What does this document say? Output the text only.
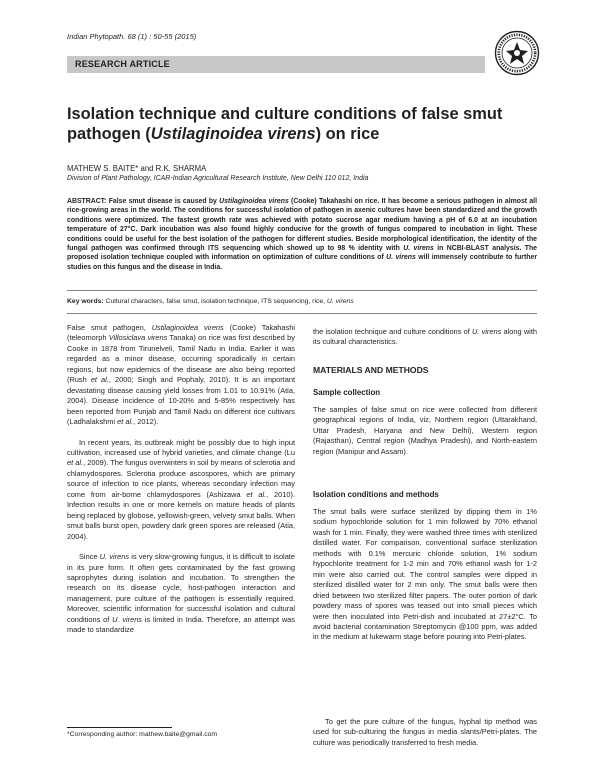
Indian Phytopath. 68 (1) : 50-55 (2015)
RESEARCH ARTICLE
Isolation technique and culture conditions of false smut
pathogen (Ustilaginoidea virens) on rice
MATHEW S. BAITE* and R.K. SHARMA
Division of Plant Pathology, ICAR-Indian Agricultural Research Institute, New Delhi 110 012, India
ABSTRACT: False smut disease is caused by Ustilaginoidea virens (Cooke) Takahashi on rice. It has become a serious pathogen in almost all rice-growing areas in the world. The conditions for successful isolation of pathogen in axenic cultures have been standardized and the growth conditions were optimized. The fastest growth rate was achieved with potato sucrose agar medium having a pH of 6.0 at an incubation temperature of 27°C. Dark incubation was also found highly conducive for the growth of fungus compared to incubation in light. These conditions could be useful for the best isolation of the pathogen for different studies. Beside morphological identification, the identity of the fungal pathogen was confirmed through ITS sequencing which showed up to 98 % identity with U. virens in NCBI-BLAST analysis. The proposed isolation technique coupled with information on optimization of culture conditions of U. virens will immensely contribute to further studies on this fungus and the disease in India.
Key words: Cultural characters, false smut, isolation technique, ITS sequencing, rice, U. virens

False smut pathogen, Ustilaginoidea virens (Cooke) Takahashi (teleomorph Villosiclava virens Tanaka) on rice was first described by Cooke in 1878 from Tirunelveli, Tamil Nadu in India. Earlier it was regarded as a minor disease, occurring sporadically in certain regions, but now epidemics of the disease are also being reported (Rush et al., 2000; Singh and Pophaly, 2010). It is an important devastating disease causing yield losses from 1.01 to 10.91% (Atia, 2004). Disease incidence of 10-20% and 5-85% respectively has been reported from Punjab and Tamil Nadu on different rice cultivars (Ladhalakshmi et al., 2012).

In recent years, its outbreak might be possibly due to high input cultivation, increased use of hybrid varieties, and climate change (Lu et al., 2009). The fungus overwinters in soil by means of sclerotia and chlamydospores. Sclerotia produce ascospores, which are primary source of infection to rice plants, whereas secondary infection may come from air-borne chlamydospores (Ashizawa et al., 2010). Infection results in one or more kernels on mature heads of plants being replaced by globose, yellowish-green, velvety smut balls. When smut balls burst open, powdery dark green spores are released (Atia, 2004).

Since U. virens is very slow-growing fungus, it is difficult to isolate in its pure form. It often gets contaminated by the fast growing saprophytes during isolation and incubation. To strengthen the research on its disease cycle, host-pathogen interaction and management, pure culture of the pathogen is essentially required. Moreover, scientific information for successful isolation and cultural conditions of U. virens is limited in India. Therefore, an attempt was made to standardize

the isolation technique and culture conditions of U. virens along with its cultural characteristics.

MATERIALS AND METHODS
Sample collection
The samples of false smut on rice were collected from different geographical regions of India, viz, Northern region (Uttarakhand, Uttar Pradesh, Haryana and New Delhi), Western region (Rajasthan), Central region (Madhya Pradesh), and North-eastern region (Manipur and Assam).
Isolation conditions and methods
The smut balls were surface sterilized by dipping them in 1% sodium hypochloride solution for 1 min followed by 70% ethanol wash for 1 min. Finally, they were washed three times with sterilized distilled water. For comparison, conventional surface sterilization methods with 0.1% mercuric chloride solution, 1% sodium hypochlorite treatment for 1-2 min and 70% ethanol wash for 1-2 min were also carried out. The control samples were dipped in sterilized distilled water for 2 min only. The smut balls were then dried between two sterilized filter papers. The outer portion of dark powdery mass of spores was teased out into small pieces which were then inoculated into Petri-dish and incubated at 27±2°C. To avoid bacterial contamination Streptomycin @100 ppm, was added in the medium at lukewarm stage before pouring into Petri-plates.
To get the pure culture of the fungus, hyphal tip method was used for sub-culturing the fungus in media slants/Petri-plates. The culture was periodically transferred to fresh media.
*Corresponding author: mathew.baite@gmail.com
